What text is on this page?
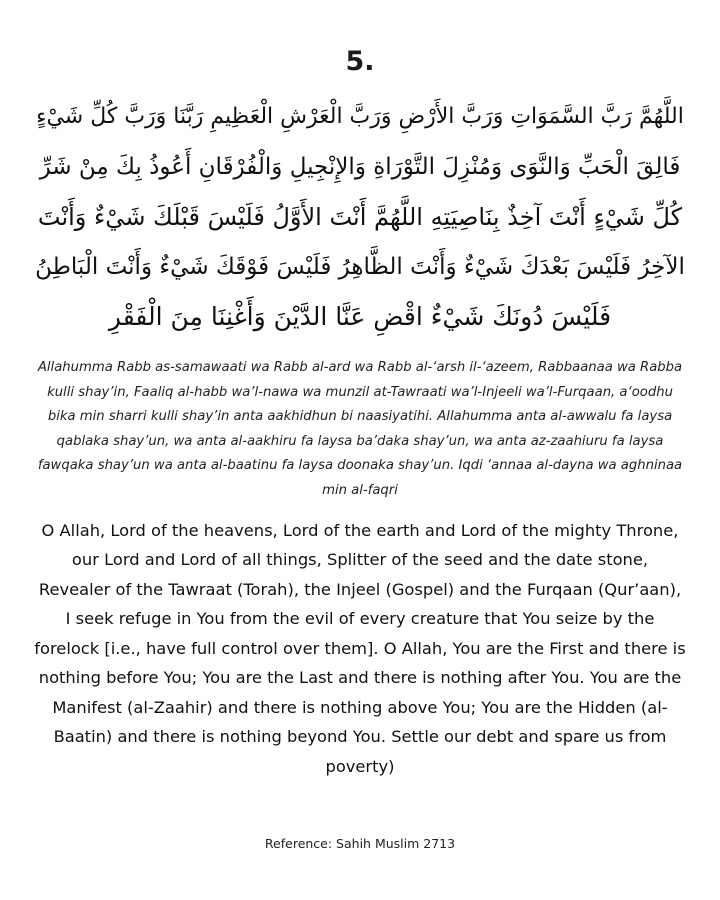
5.
اللَّهُمَّ رَبَّ السَّمَوَاتِ وَرَبَّ الأَرْضِ وَرَبَّ الْعَرْشِ الْعَظِيمِ رَبَّنَا وَرَبَّ كُلِّ شَيْءٍ
فَالِقَ الْحَبِّ وَالنَّوَى وَمُنْزِلَ التَّوْرَاةِ وَالإِنْجِيلِ وَالْفُرْقَانِ أَعُوذُ بِكَ مِنْ شَرِّ
كُلِّ شَيْءٍ أَنْتَ آخِذٌ بِنَاصِيَتِهِ اللَّهُمَّ أَنْتَ الأَوَّلُ فَلَيْسَ قَبْلَكَ شَيْءٌ وَأَنْتَ
الآخِرُ فَلَيْسَ بَعْدَكَ شَيْءٌ وَأَنْتَ الظَّاهِرُ فَلَيْسَ فَوْقَكَ شَيْءٌ وَأَنْتَ الْبَاطِنُ
فَلَيْسَ دُونَكَ شَيْءٌ اقْضِ عَنَّا الدَّيْنَ وَأَغْنِنَا مِنَ الْفَقْرِ
Allahumma Rabb as-samawaati wa Rabb al-ard wa Rabb al-‘arsh il-‘azeem, Rabbaanaa wa Rabba kulli shay’in, Faaliq al-habb wa’l-nawa wa munzil at-Tawraati wa’l-Injeeli wa’l-Furqaan, a‘oodhu bika min sharri kulli shay’in anta aakhidhun bi naasiyatihi. Allahumma anta al-awwalu fa laysa qablaka shay’un, wa anta al-aakhiru fa laysa ba’daka shay’un, wa anta az-zaahiuru fa laysa fawqaka shay’un wa anta al-baatinu fa laysa doonaka shay’un. Iqdi ‘annaa al-dayna wa aghninaa min al-faqri
O Allah, Lord of the heavens, Lord of the earth and Lord of the mighty Throne, our Lord and Lord of all things, Splitter of the seed and the date stone, Revealer of the Tawraat (Torah), the Injeel (Gospel) and the Furqaan (Qur’aan), I seek refuge in You from the evil of every creature that You seize by the forelock [i.e., have full control over them]. O Allah, You are the First and there is nothing before You; You are the Last and there is nothing after You. You are the Manifest (al-Zaahir) and there is nothing above You; You are the Hidden (al-Baatin) and there is nothing beyond You. Settle our debt and spare us from poverty)
Reference: Sahih Muslim 2713
